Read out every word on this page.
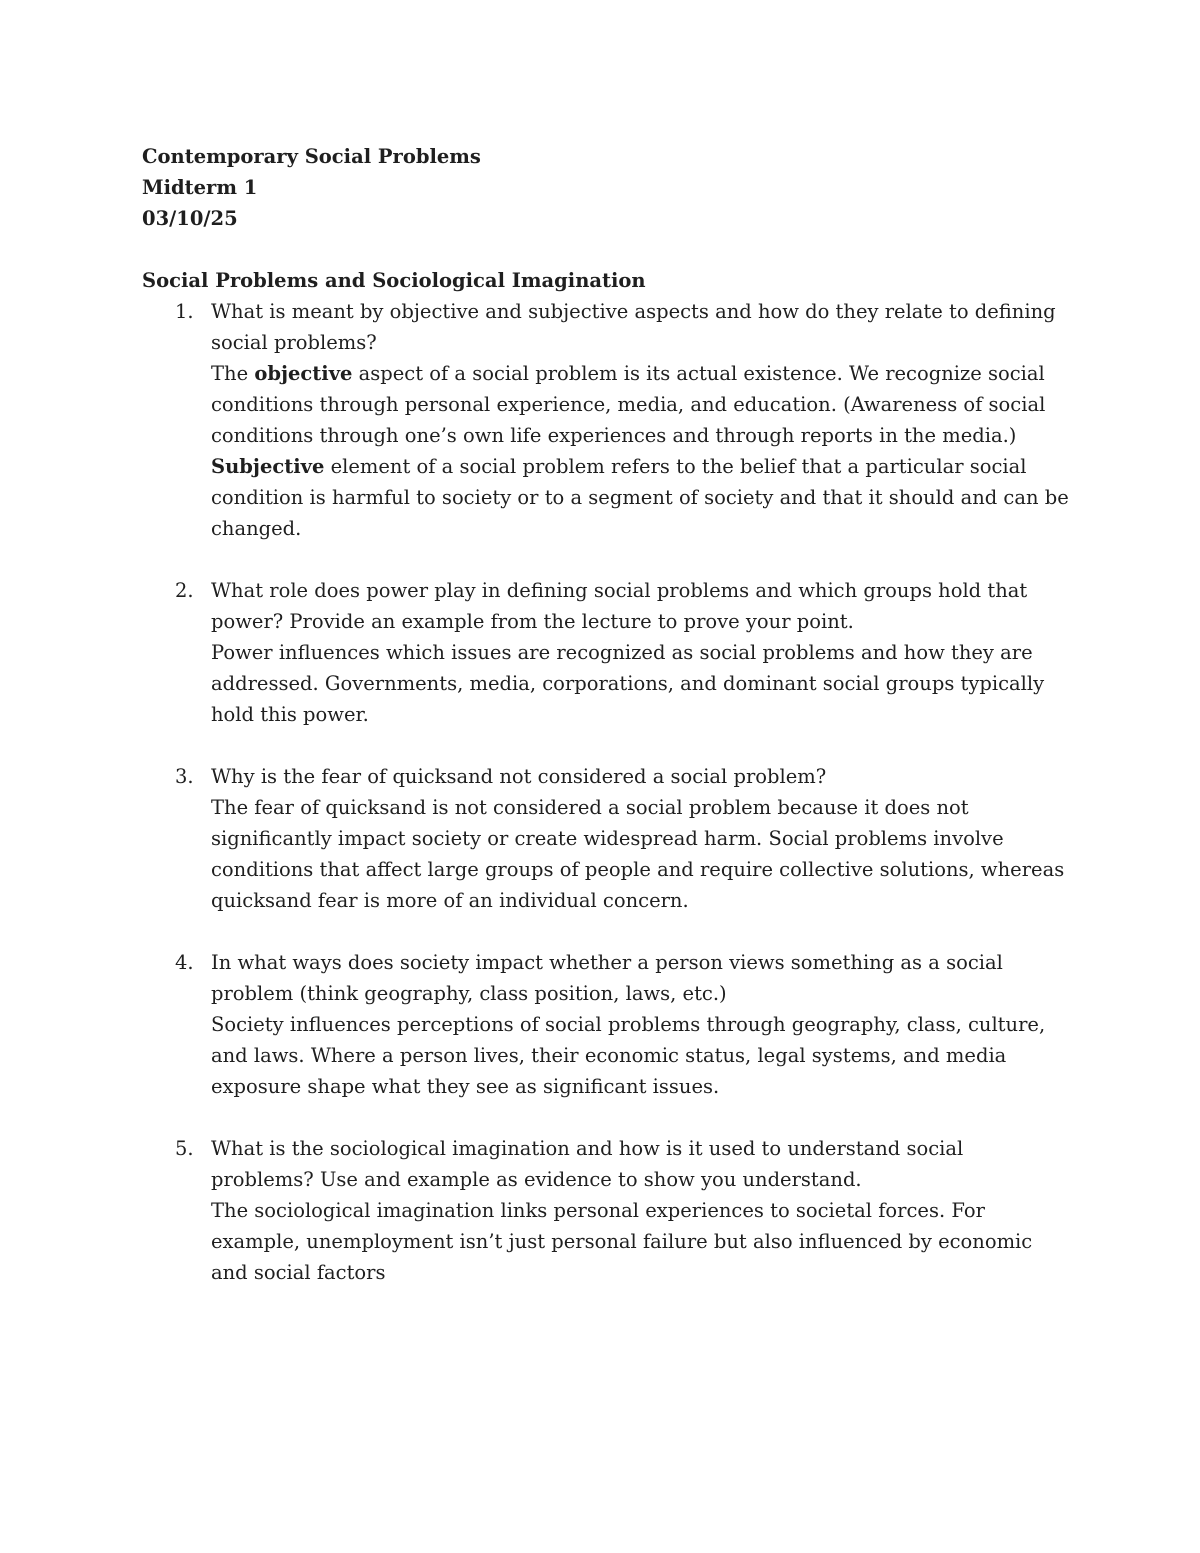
Contemporary Social Problems
Midterm 1
03/10/25
Social Problems and Sociological Imagination
1. What is meant by objective and subjective aspects and how do they relate to defining social problems?
The objective aspect of a social problem is its actual existence. We recognize social conditions through personal experience, media, and education. (Awareness of social conditions through one’s own life experiences and through reports in the media.)
Subjective element of a social problem refers to the belief that a particular social condition is harmful to society or to a segment of society and that it should and can be changed.
2. What role does power play in defining social problems and which groups hold that power? Provide an example from the lecture to prove your point.
Power influences which issues are recognized as social problems and how they are addressed. Governments, media, corporations, and dominant social groups typically hold this power.
3. Why is the fear of quicksand not considered a social problem?
The fear of quicksand is not considered a social problem because it does not significantly impact society or create widespread harm. Social problems involve conditions that affect large groups of people and require collective solutions, whereas quicksand fear is more of an individual concern.
4. In what ways does society impact whether a person views something as a social problem (think geography, class position, laws, etc.)
Society influences perceptions of social problems through geography, class, culture, and laws. Where a person lives, their economic status, legal systems, and media exposure shape what they see as significant issues.
5. What is the sociological imagination and how is it used to understand social problems? Use and example as evidence to show you understand.
The sociological imagination links personal experiences to societal forces. For example, unemployment isn’t just personal failure but also influenced by economic and social factors
